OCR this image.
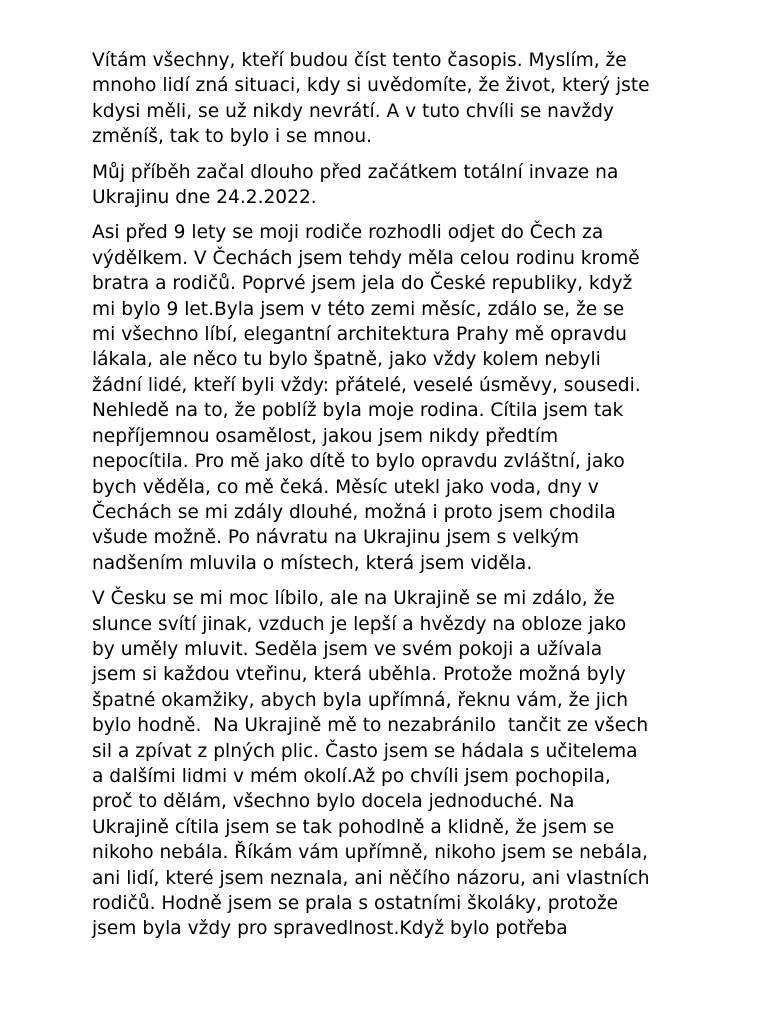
Vítám všechny, kteří budou číst tento časopis. Myslím, že
mnoho lidí zná situaci, kdy si uvědomíte, že život, který jste
kdysi měli, se už nikdy nevrátí. A v tuto chvíli se navždy
změníš, tak to bylo i se mnou.

Můj příběh začal dlouho před začátkem totální invaze na
Ukrajinu dne 24.2.2022.

Asi před 9 lety se moji rodiče rozhodli odjet do Čech za
výdělkem. V Čechách jsem tehdy měla celou rodinu kromě
bratra a rodičů. Poprvé jsem jela do České republiky, když
mi bylo 9 let.Byla jsem v této zemi měsíc, zdálo se, že se
mi všechno líbí, elegantní architektura Prahy mě opravdu
lákala, ale něco tu bylo špatně, jako vždy kolem nebyli
žádní lidé, kteří byli vždy: přátelé, veselé úsměvy, sousedi.
Nehledě na to, že poblíž byla moje rodina. Cítila jsem tak
nepříjemnou osamělost, jakou jsem nikdy předtím
nepocítila. Pro mě jako dítě to bylo opravdu zvláštní, jako
bych věděla, co mě čeká. Měsíc utekl jako voda, dny v
Čechách se mi zdály dlouhé, možná i proto jsem chodila
všude možně. Po návratu na Ukrajinu jsem s velkým
nadšením mluvila o místech, která jsem viděla.

V Česku se mi moc líbilo, ale na Ukrajině se mi zdálo, že
slunce svítí jinak, vzduch je lepší a hvězdy na obloze jako
by uměly mluvit. Seděla jsem ve svém pokoji a užívala
jsem si každou vteřinu, která uběhla. Protože možná byly
špatné okamžiky, abych byla upřímná, řeknu vám, že jich
bylo hodně.  Na Ukrajině mě to nezabránilo  tančit ze všech
sil a zpívat z plných plic. Často jsem se hádala s učitelema
a dalšími lidmi v mém okolí.Až po chvíli jsem pochopila,
proč to dělám, všechno bylo docela jednoduché. Na
Ukrajině cítila jsem se tak pohodlně a klidně, že jsem se
nikoho nebála. Říkám vám upřímně, nikoho jsem se nebála,
ani lidí, které jsem neznala, ani něčího názoru, ani vlastních
rodičů. Hodně jsem se prala s ostatními školáky, protože
jsem byla vždy pro spravedlnost.Když bylo potřeba
